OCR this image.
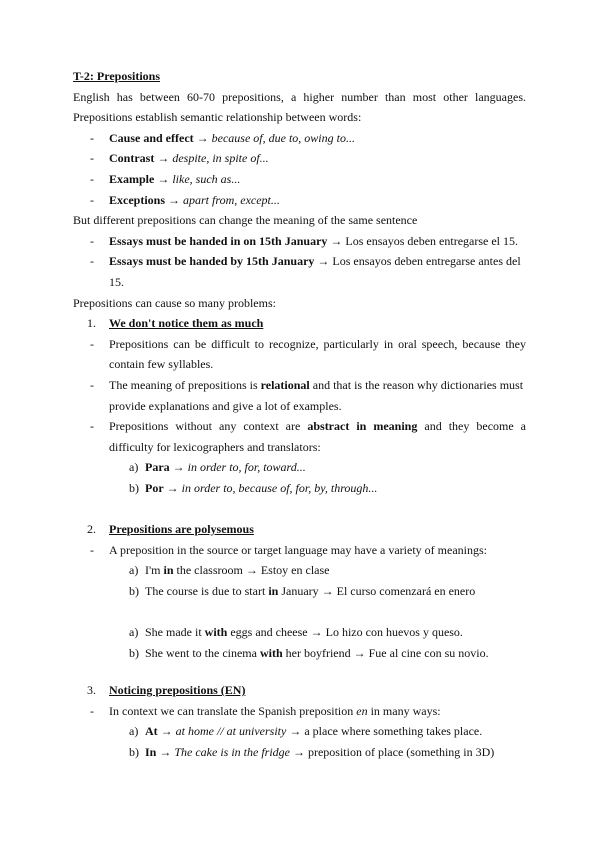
T-2: Prepositions
English has between 60-70 prepositions, a higher number than most other languages.
Prepositions establish semantic relationship between words:
- Cause and effect → because of, due to, owing to...
- Contrast → despite, in spite of...
- Example → like, such as...
- Exceptions → apart from, except...
But different prepositions can change the meaning of the same sentence
- Essays must be handed in on 15th January → Los ensayos deben entregarse el 15.
- Essays must be handed by 15th January → Los ensayos deben entregarse antes del
15.
Prepositions can cause so many problems:
1. We don't notice them as much
- Prepositions can be difficult to recognize, particularly in oral speech, because they
contain few syllables.
- The meaning of prepositions is relational and that is the reason why dictionaries must
provide explanations and give a lot of examples.
- Prepositions without any context are abstract in meaning and they become a
difficulty for lexicographers and translators:
a) Para → in order to, for, toward...
b) Por → in order to, because of, for, by, through...
2. Prepositions are polysemous
- A preposition in the source or target language may have a variety of meanings:
a) I'm in the classroom → Estoy en clase
b) The course is due to start in January → El curso comenzará en enero
a) She made it with eggs and cheese → Lo hizo con huevos y queso.
b) She went to the cinema with her boyfriend → Fue al cine con su novio.
3. Noticing prepositions (EN)
- In context we can translate the Spanish preposition en in many ways:
a) At → at home // at university → a place where something takes place.
b) In → The cake is in the fridge → preposition of place (something in 3D)
